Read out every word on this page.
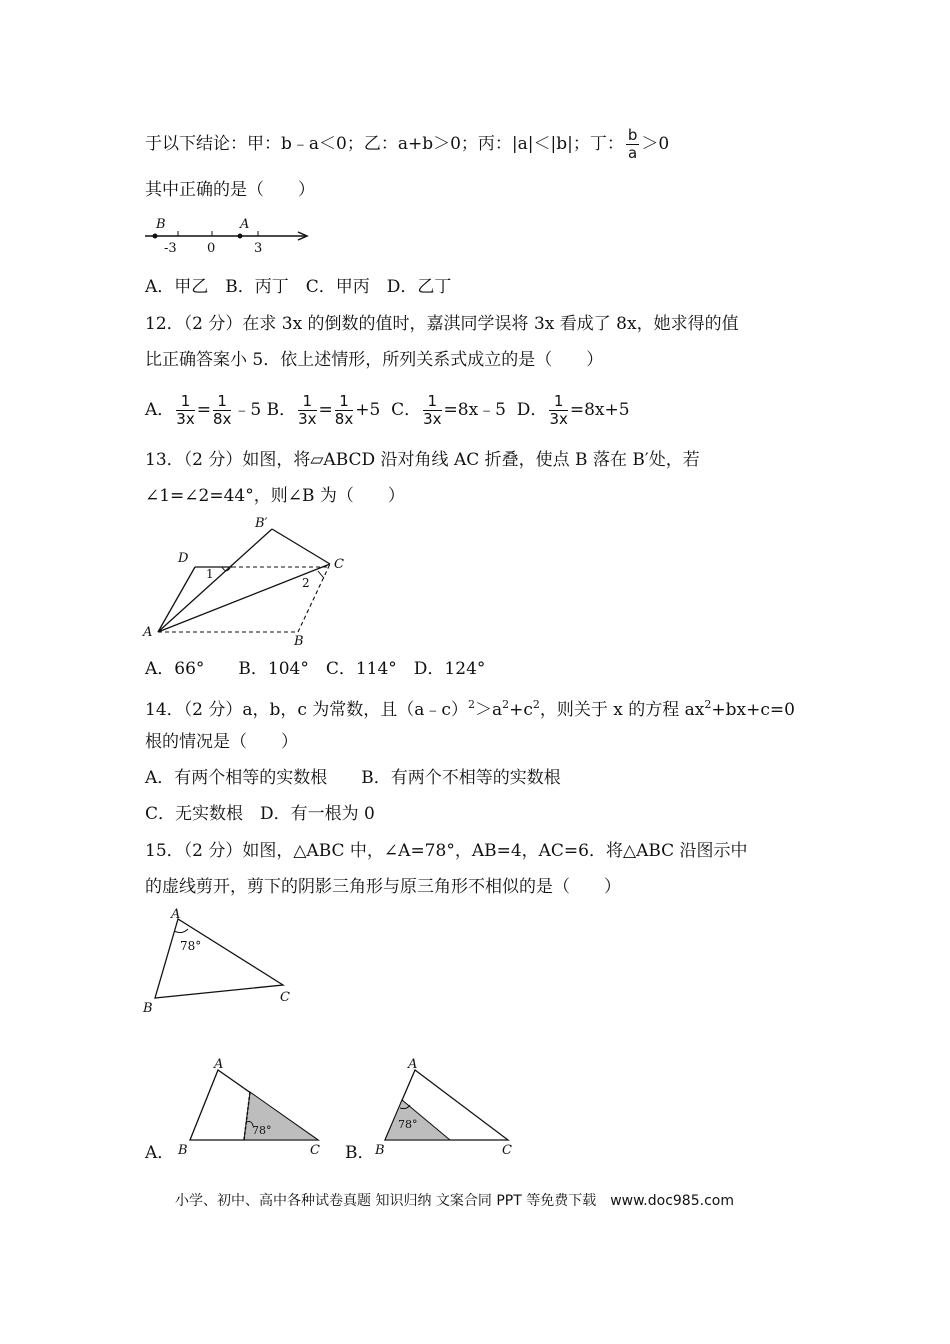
于以下结论：甲：b﹣a＜0；乙：a+b＞0；丙：|a|＜|b|；丁： $\frac{b}{a} >0$
其中正确的是（　　）
B	A
-3 0	3
A．甲乙　B．丙丁　C．甲丙　D．乙丁
12．（2 分）在求 3x 的倒数的值时，嘉淇同学误将 3x 看成了 8x，她求得的值
比正确答案小 5．依上述情形，所列关系式成立的是（　　）
A． $\frac{1}{3x} = \frac{1}{8x}$ ﹣5 B． $\frac{1}{3x} = \frac{1}{8x} +5$ C． $\frac{1}{3x}$ =8x﹣5 D． $\frac{1}{3x} =8x+5$
13．（2 分）如图，将▱ABCD 沿对角线 AC 折叠，使点 B 落在 B′处，若
∠1=∠2=44°，则∠B 为（　　）
A
B
C
D
B′
1
2
A．66°　　B．104°　C．114°　D．124°
14．（2 分）a，b，c 为常数，且$(a﹣c)^2>a^2+c^2$，则关于 x 的方程 $ax^2+bx+c=0$
根的情况是（　　）
A．有两个相等的实数根　　B．有两个不相等的实数根
C．无实数根　D．有一根为 0
15．（2 分）如图，△ABC 中，∠A=78°，AB=4，AC=6．将△ABC 沿图示中
的虚线剪开，剪下的阴影三角形与原三角形不相似的是（　　）
A
B
C
78°
78°
A
B	C
A．
78°
A
B	C
B．
小学、初中、高中各种试卷真题 知识归纳 文案合同 PPT 等免费下载　www.doc985.com
